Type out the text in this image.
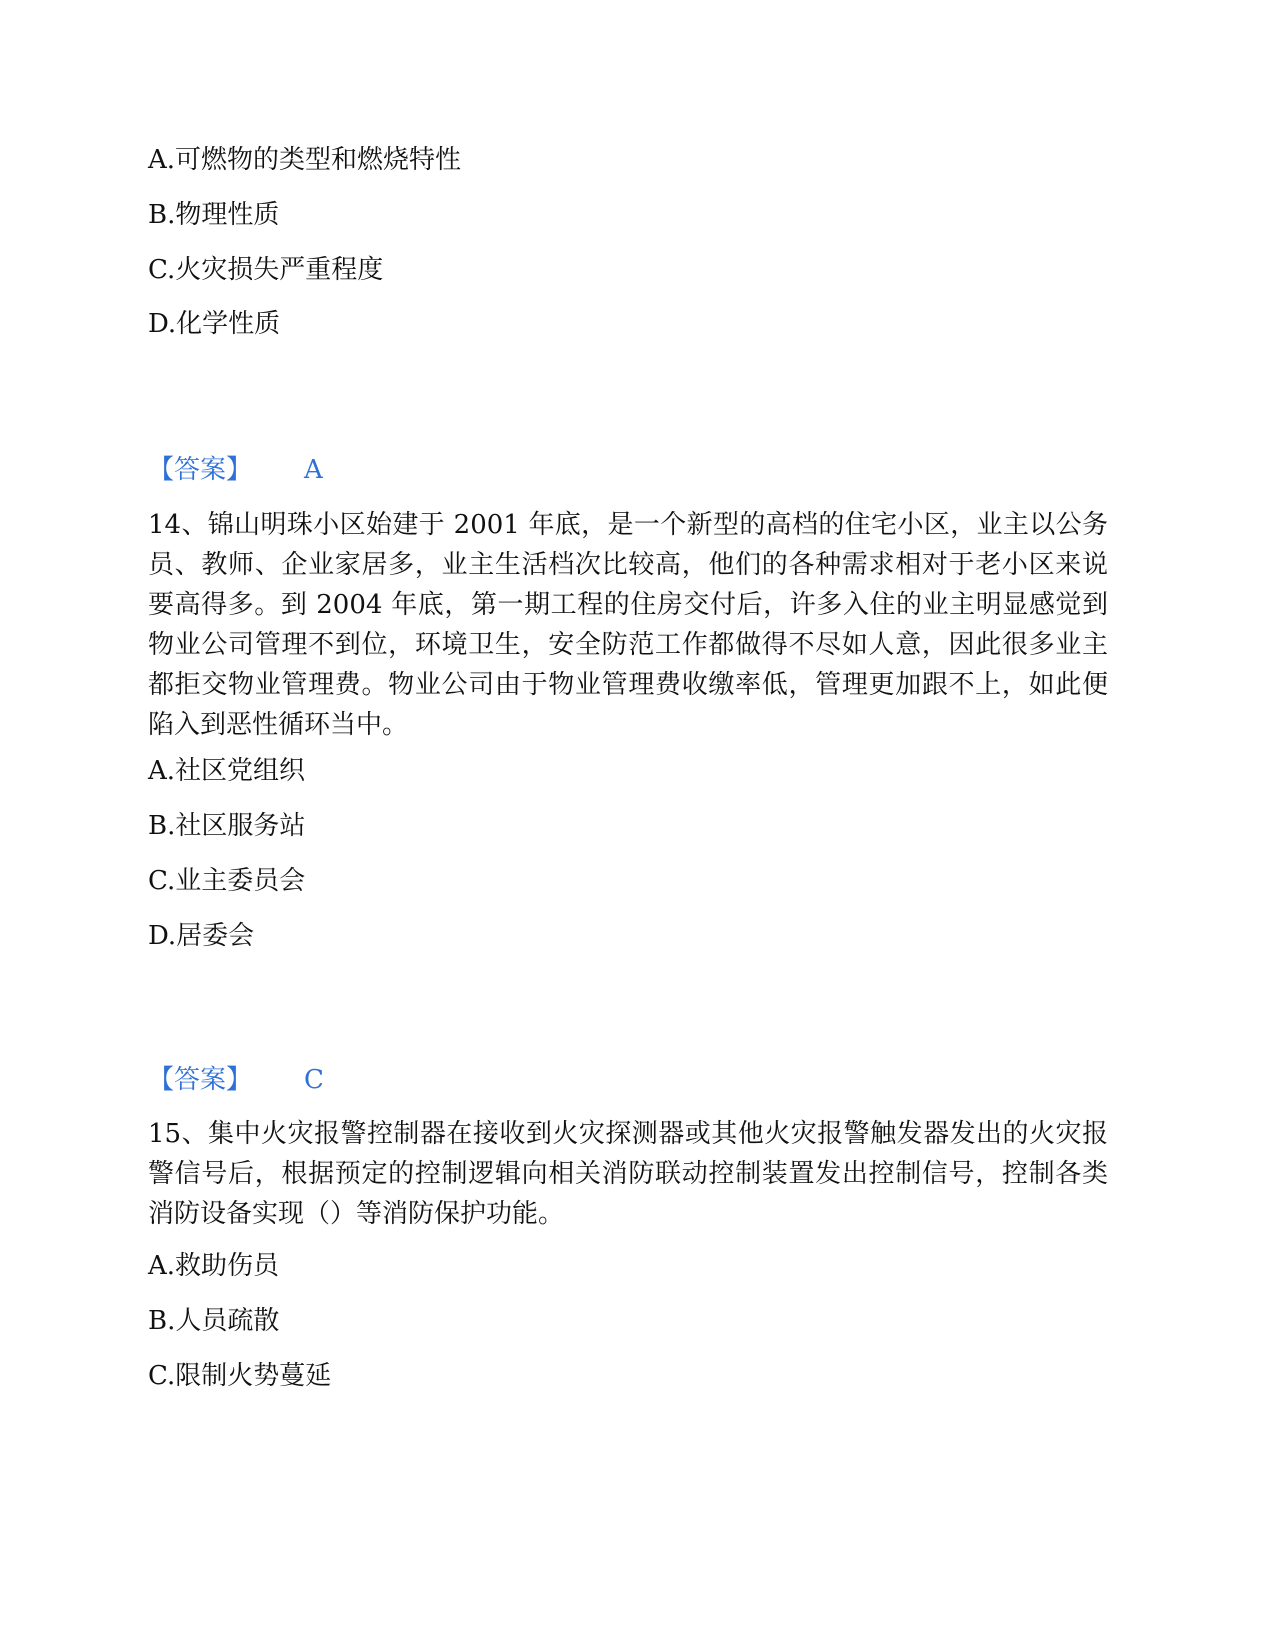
A.可燃物的类型和燃烧特性
B.物理性质
C.火灾损失严重程度
D.化学性质
【答案】 A
14、锦山明珠小区始建于 2001 年底，是一个新型的高档的住宅小区，业主以公务员、教师、企业家居多，业主生活档次比较高，他们的各种需求相对于老小区来说要高得多。到 2004 年底，第一期工程的住房交付后，许多入住的业主明显感觉到物业公司管理不到位，环境卫生，安全防范工作都做得不尽如人意，因此很多业主都拒交物业管理费。物业公司由于物业管理费收缴率低，管理更加跟不上，如此便陷入到恶性循环当中。
A.社区党组织
B.社区服务站
C.业主委员会
D.居委会
【答案】 C
15、集中火灾报警控制器在接收到火灾探测器或其他火灾报警触发器发出的火灾报警信号后，根据预定的控制逻辑向相关消防联动控制装置发出控制信号，控制各类消防设备实现（）等消防保护功能。
A.救助伤员
B.人员疏散
C.限制火势蔓延
